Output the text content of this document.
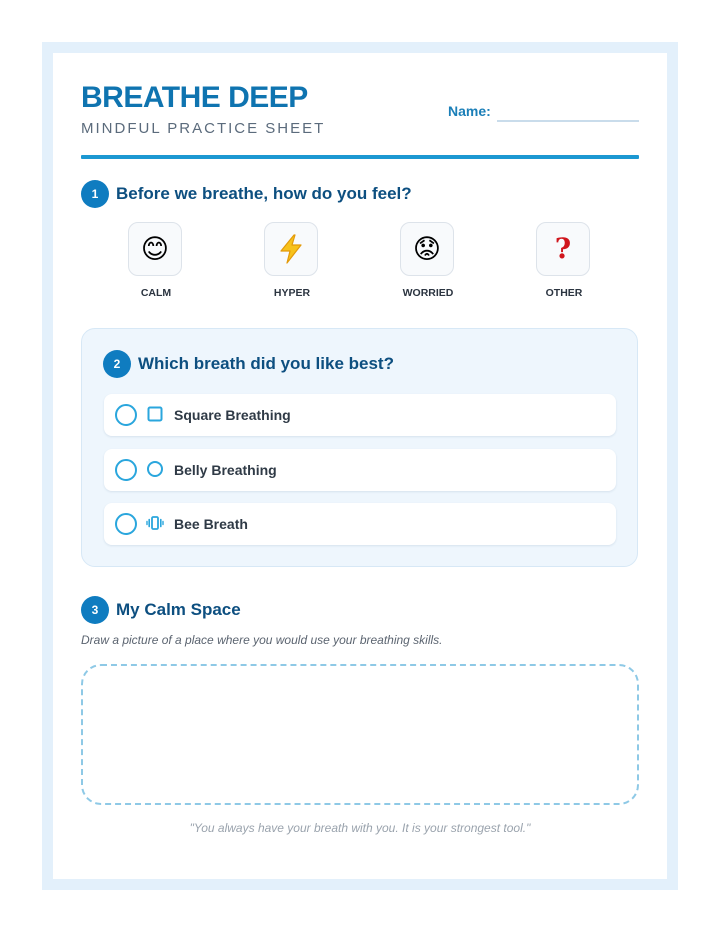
BREATHE DEEP
MINDFUL PRACTICE SHEET
Name:
1	Before we breathe, how do you feel?
😊
CALM	HYPER
😟
WORRIED
?
OTHER
2	Which breath did you like best?
Square Breathing
Belly Breathing
Bee Breath
3	My Calm Space
Draw a picture of a place where you would use your breathing skills.
"You always have your breath with you. It is your strongest tool."
